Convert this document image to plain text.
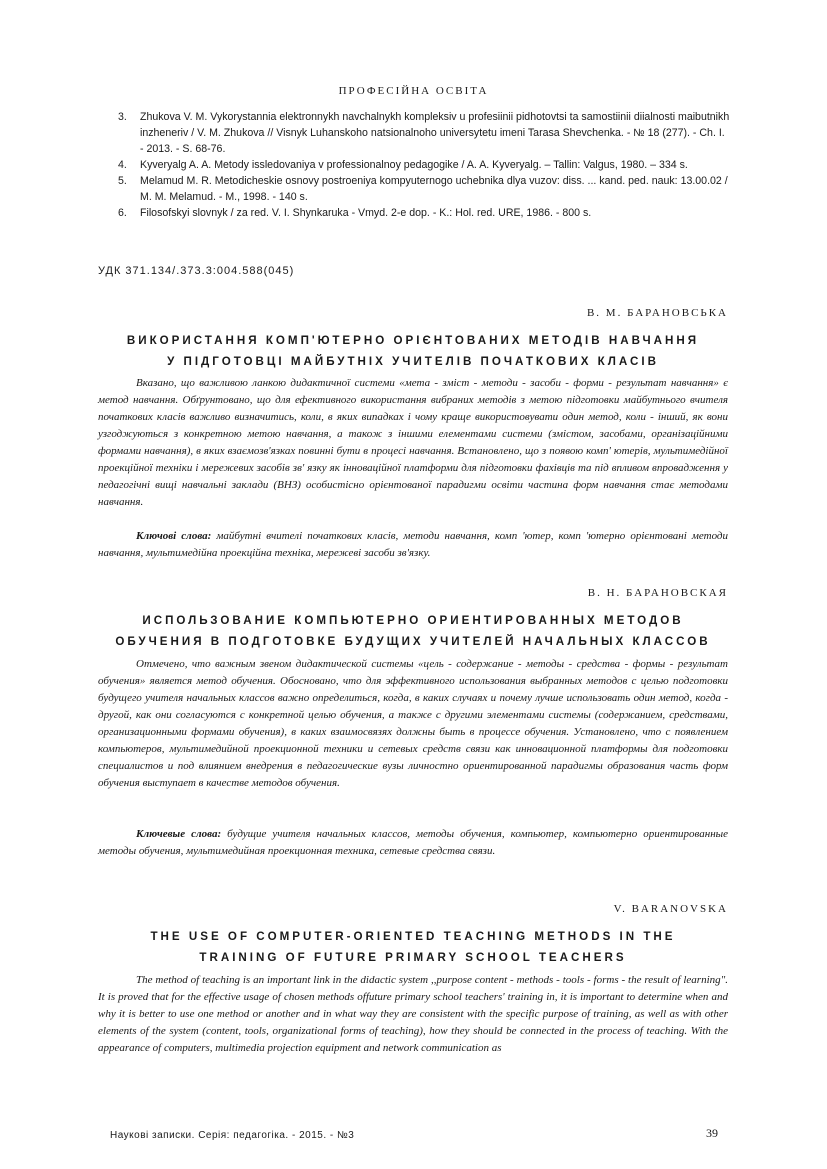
ПРОФЕСІЙНА ОСВІТА
3. Zhukova V. M. Vykorystannia elektronnykh navchalnykh kompleksiv u profesiinii pidhotovtsi ta samostiinii diialnosti maibutnikh inzheneriv / V. M. Zhukova // Visnyk Luhanskoho natsionalnoho universytetu imeni Tarasa Shevchenka. - № 18 (277). - Ch. I. - 2013. - S. 68-76.
4. Kyveryalg A. A. Metody issledovaniya v professionalnoy pedagogike / A. A. Kyveryalg. – Tallin: Valgus, 1980. – 334 s.
5. Melamud M. R. Metodicheskie osnovy postroeniya kompyuternogo uchebnika dlya vuzov: diss. ... kand. ped. nauk: 13.00.02 / M. M. Melamud. - M., 1998. - 140 s.
6. Filosofskyi slovnyk / za red. V. I. Shynkaruka - Vmyd. 2-e dop. - K.: Hol. red. URE, 1986. - 800 s.
УДК 371.134/.373.3:004.588(045)
В. М. БАРАНОВСЬКА
ВИКОРИСТАННЯ КОМП'ЮТЕРНО ОРІЄНТОВАНИХ МЕТОДІВ НАВЧАННЯ
У ПІДГОТОВЦІ МАЙБУТНІХ УЧИТЕЛІВ ПОЧАТКОВИХ КЛАСІВ

Вказано, що важливою ланкою дидактичної системи «мета - зміст - методи - засоби - форми - результат навчання» є метод навчання. Обґрунтовано, що для ефективного використання вибраних методів з метою підготовки майбутнього вчителя початкових класів важливо визначитись, коли, в яких випадках і чому краще використовувати один метод, коли - інший, як вони узгоджуються з конкретною метою навчання, а також з іншими елементами системи (змістом, засобами, організаційними формами навчання), в яких взаємозв'язках повинні бути в процесі навчання. Встановлено, що з появою комп' ютерів, мультимедійної проекційної техніки і мережевих засобів зв' язку як інноваційної платформи для підготовки фахівців та під впливом впровадження у педагогічні вищі навчальні заклади (ВНЗ) особистісно орієнтованої парадигми освіти частина форм навчання стає методами навчання.

Ключові слова: майбутні вчителі початкових класів, методи навчання, комп 'ютер, комп 'ютерно орієнтовані методи навчання, мультимедійна проекційна техніка, мережеві засоби зв'язку.

В. Н. БАРАНОВСКАЯ
ИСПОЛЬЗОВАНИЕ КОМПЬЮТЕРНО ОРИЕНТИРОВАННЫХ МЕТОДОВ
ОБУЧЕНИЯ В ПОДГОТОВКЕ БУДУЩИХ УЧИТЕЛЕЙ НАЧАЛЬНЫХ КЛАССОВ

Отмечено, что важным звеном дидактической системы «цель - содержание - методы - средства - формы - результат обучения» является метод обучения. Обосновано, что для эффективного использования выбранных методов с целью подготовки будущего учителя начальных классов важно определиться, когда, в каких случаях и почему лучше использовать один метод, когда - другой, как они согласуются с конкретной целью обучения, а также с другими элементами системы (содержанием, средствами, организационными формами обучения), в каких взаимосвязях должны быть в процессе обучения. Установлено, что с появлением компьютеров, мультимедийной проекционной техники и сетевых средств связи как инновационной платформы для подготовки специалистов и под влиянием внедрения в педагогические вузы личностно ориентированной парадигмы образования часть форм обучения выступает в качестве методов обучения.

Ключевые слова: будущие учителя начальных классов, методы обучения, компьютер, компьютерно ориентированные методы обучения, мультимедийная проекционная техника, сетевые средства связи.

V. BARANOVSKA
THE USE OF COMPUTER-ORIENTED TEACHING METHODS IN THE
TRAINING OF FUTURE PRIMARY SCHOOL TEACHERS

The method of teaching is an important link in the didactic system ,,purpose content - methods - tools - forms - the result of learning". It is proved that for the effective usage of chosen methods offuture primary school teachers' training in, it is important to determine when and why it is better to use one method or another and in what way they are consistent with the specific purpose of training, as well as with other elements of the system (content, tools, organizational forms of teaching), how they should be connected in the process of teaching. With the appearance of computers, multimedia projection equipment and network communication as

Наукові записки. Серія: педагогіка. - 2015. - №3	39
